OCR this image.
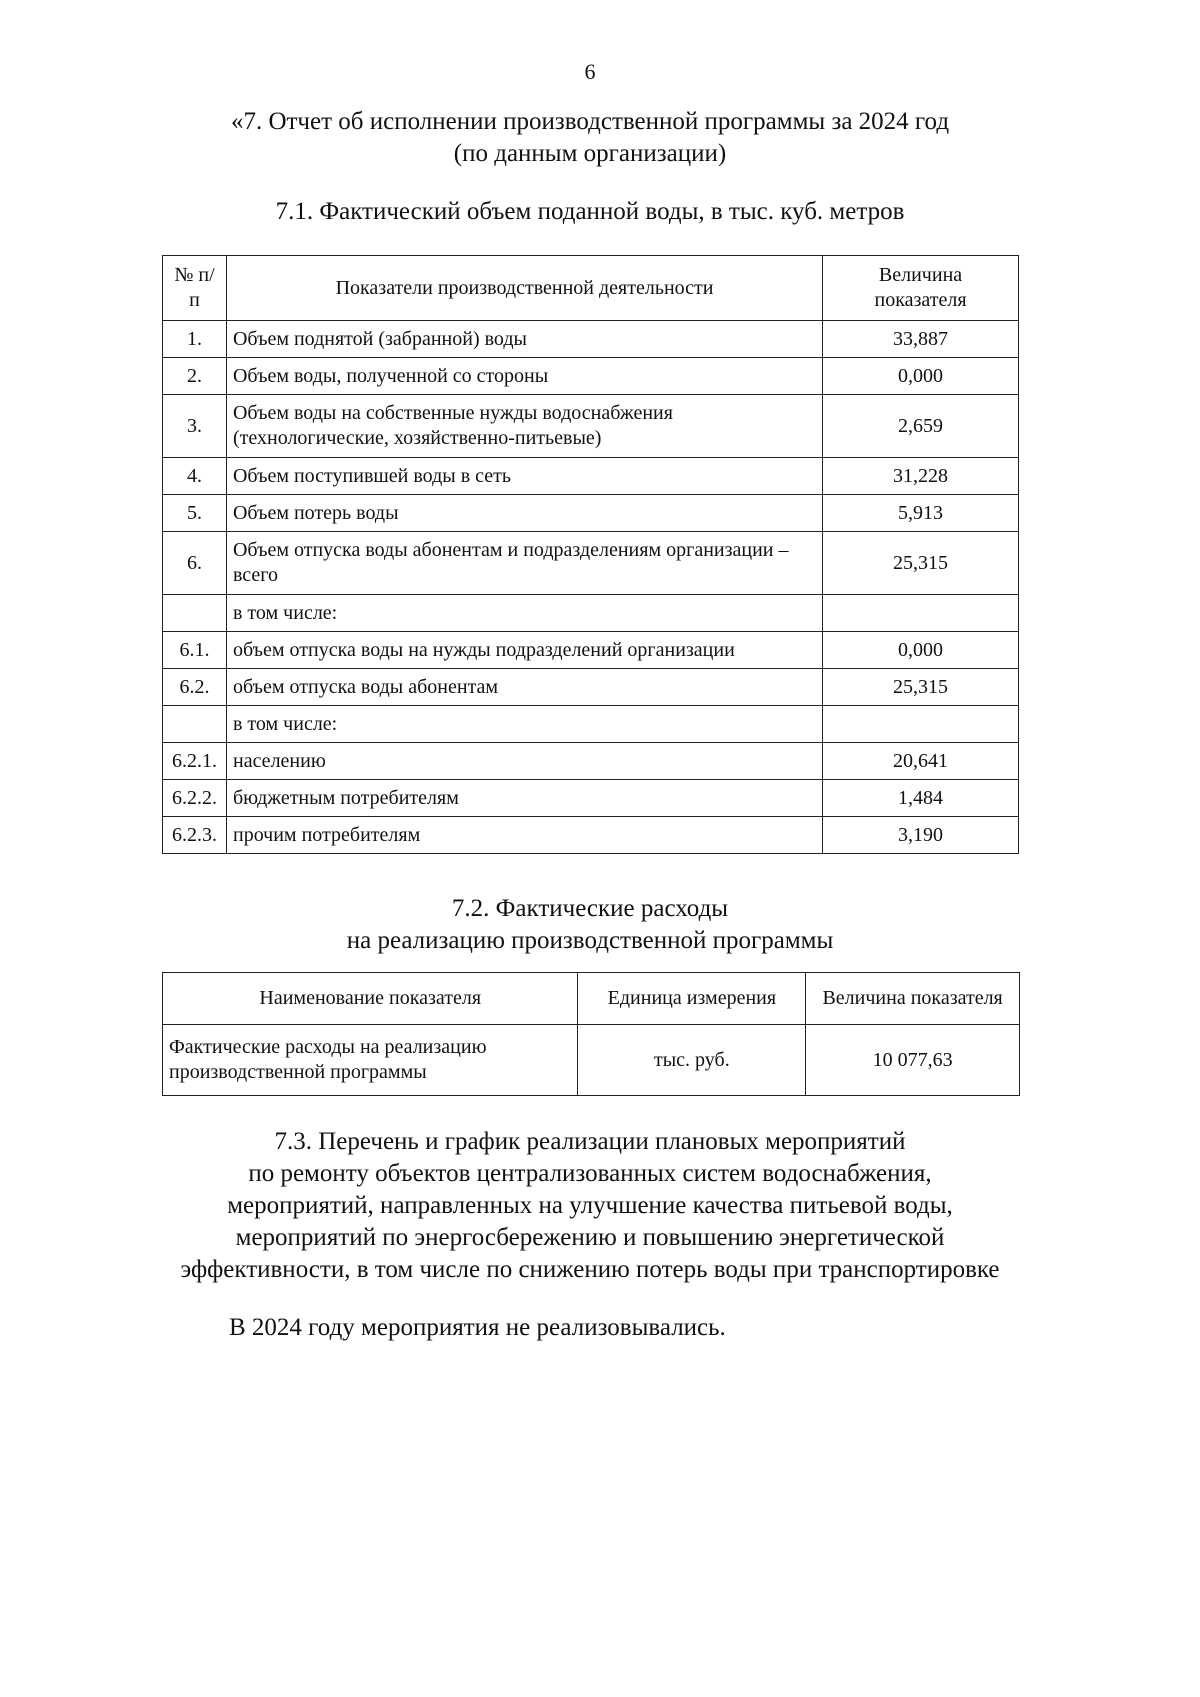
6
«7. Отчет об исполнении производственной программы за 2024 год
(по данным организации)
7.1. Фактический объем поданной воды, в тыс. куб. метров
№ п/п	Показатели производственной деятельности	Величина показателя
1.	Объем поднятой (забранной) воды	33,887
2.	Объем воды, полученной со стороны	0,000
3.	Объем воды на собственные нужды водоснабжения (технологические, хозяйственно-питьевые)	2,659
4.	Объем поступившей воды в сеть	31,228
5.	Объем потерь воды	5,913
6.	Объем отпуска воды абонентам и подразделениям организации – всего	25,315
	в том числе:	
6.1.	объем отпуска воды на нужды подразделений организации	0,000
6.2.	объем отпуска воды абонентам	25,315
	в том числе:	
6.2.1.	населению	20,641
6.2.2.	бюджетным потребителям	1,484
6.2.3.	прочим потребителям	3,190
7.2. Фактические расходы
на реализацию производственной программы
Наименование показателя	Единица измерения	Величина показателя
Фактические расходы на реализацию производственной программы	тыс. руб.	10 077,63
7.3. Перечень и график реализации плановых мероприятий
по ремонту объектов централизованных систем водоснабжения,
мероприятий, направленных на улучшение качества питьевой воды,
мероприятий по энергосбережению и повышению энергетической
эффективности, в том числе по снижению потерь воды при транспортировке
В 2024 году мероприятия не реализовывались.
